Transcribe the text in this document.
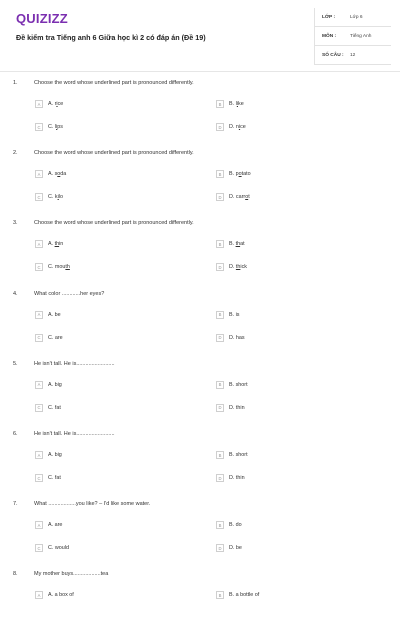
QUIZIZZ
Đề kiểm tra Tiếng anh 6 Giữa học kì 2 có đáp án (Đề 19)
LỚP :	Lớp 6
MÔN :	Tiếng Anh
SỐ CÂU :	12
1.	Choose the word whose underlined part is pronounced differently.
A	A. rice	B	B. like
C	C. lips	D	D. nice
2.	Choose the word whose underlined part is pronounced differently.
A	A. soda	B	B. potato
C	C. kilo	D	D. carrot
3.	Choose the word whose underlined part is pronounced differently.
A	A. thin	B	B. that
C	C. mouth	D	D. thick
4.	What color ............her eyes?
A	A. be	B	B. is
C	C. are	D	D. has
5.	He isn't tall. He is.........................
A	A. big	B	B. short
C	C. fat	D	D. thin
6.	He isn't tall. He is.........................
A	A. big	B	B. short
C	C. fat	D	D. thin
7.	What ..................you like? – I'd like some water.
A	A. are	B	B. do
C	C. would	D	D. be
8.	My mother buys..................tea
A	A. a box of	B	B. a bottle of
